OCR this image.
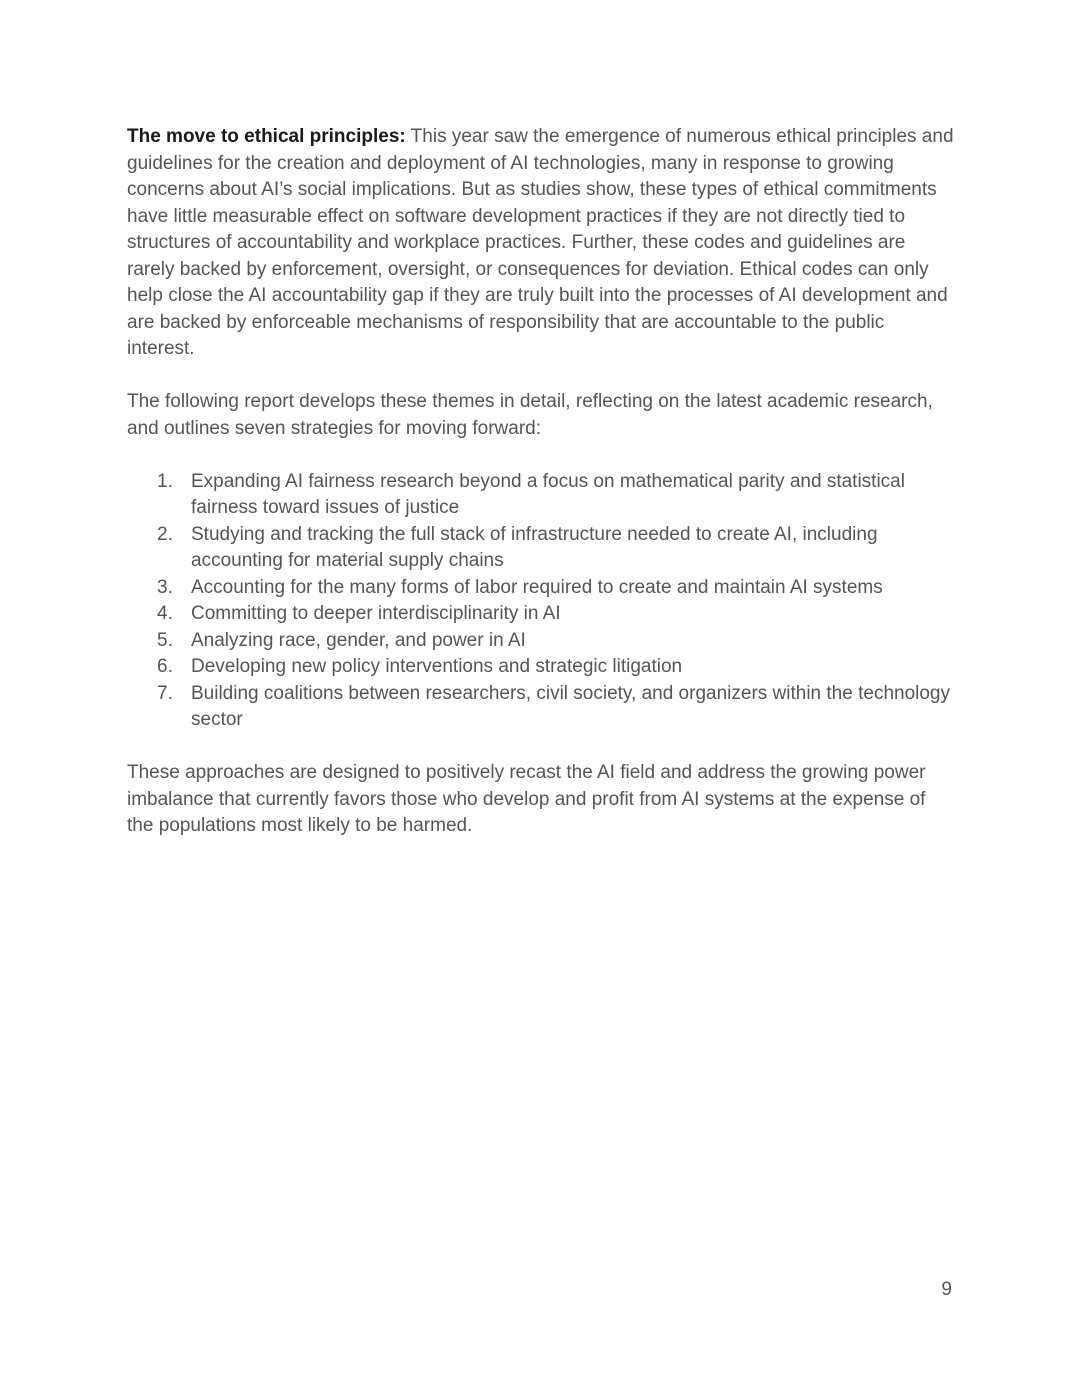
The move to ethical principles: This year saw the emergence of numerous ethical principles and guidelines for the creation and deployment of AI technologies, many in response to growing concerns about AI’s social implications. But as studies show, these types of ethical commitments have little measurable effect on software development practices if they are not directly tied to structures of accountability and workplace practices. Further, these codes and guidelines are rarely backed by enforcement, oversight, or consequences for deviation. Ethical codes can only help close the AI accountability gap if they are truly built into the processes of AI development and are backed by enforceable mechanisms of responsibility that are accountable to the public interest.

The following report develops these themes in detail, reflecting on the latest academic research, and outlines seven strategies for moving forward:

1. Expanding AI fairness research beyond a focus on mathematical parity and statistical fairness toward issues of justice
2. Studying and tracking the full stack of infrastructure needed to create AI, including accounting for material supply chains
3. Accounting for the many forms of labor required to create and maintain AI systems
4. Committing to deeper interdisciplinarity in AI
5. Analyzing race, gender, and power in AI
6. Developing new policy interventions and strategic litigation
7. Building coalitions between researchers, civil society, and organizers within the technology sector

These approaches are designed to positively recast the AI field and address the growing power imbalance that currently favors those who develop and profit from AI systems at the expense of the populations most likely to be harmed.

9
